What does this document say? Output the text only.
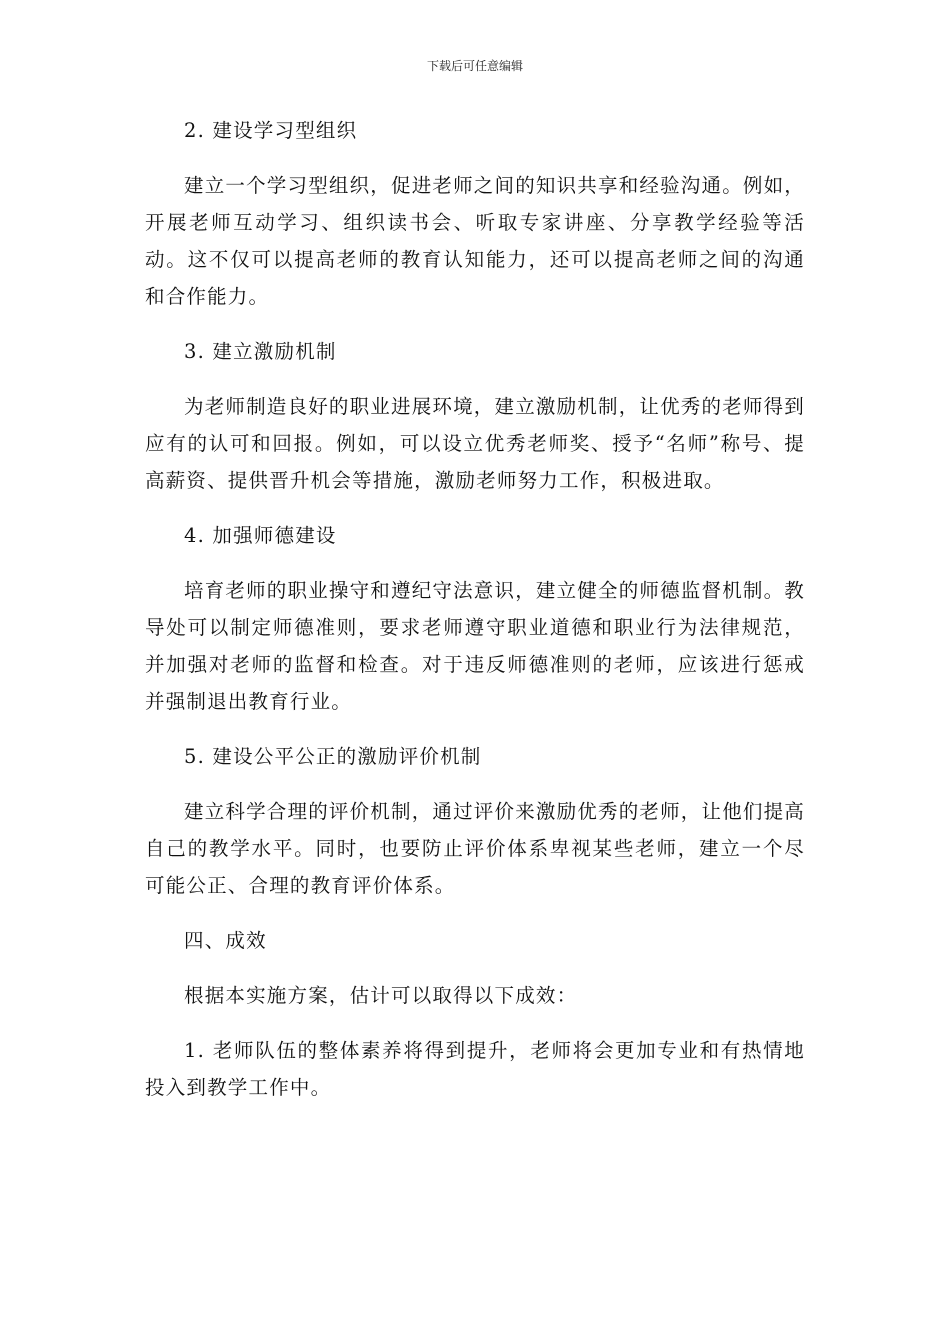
下载后可任意编辑

2. 建设学习型组织

建立一个学习型组织，促进老师之间的知识共享和经验沟通。例如，开展老师互动学习、组织读书会、听取专家讲座、分享教学经验等活动。这不仅可以提高老师的教育认知能力，还可以提高老师之间的沟通和合作能力。

3. 建立激励机制

为老师制造良好的职业进展环境，建立激励机制，让优秀的老师得到应有的认可和回报。例如，可以设立优秀老师奖、授予“名师”称号、提高薪资、提供晋升机会等措施，激励老师努力工作，积极进取。

4. 加强师德建设

培育老师的职业操守和遵纪守法意识，建立健全的师德监督机制。教导处可以制定师德准则，要求老师遵守职业道德和职业行为法律规范，并加强对老师的监督和检查。对于违反师德准则的老师，应该进行惩戒并强制退出教育行业。

5. 建设公平公正的激励评价机制

建立科学合理的评价机制，通过评价来激励优秀的老师，让他们提高自己的教学水平。同时，也要防止评价体系卑视某些老师，建立一个尽可能公正、合理的教育评价体系。

四、成效

根据本实施方案，估计可以取得以下成效：

1. 老师队伍的整体素养将得到提升，老师将会更加专业和有热情地投入到教学工作中。
